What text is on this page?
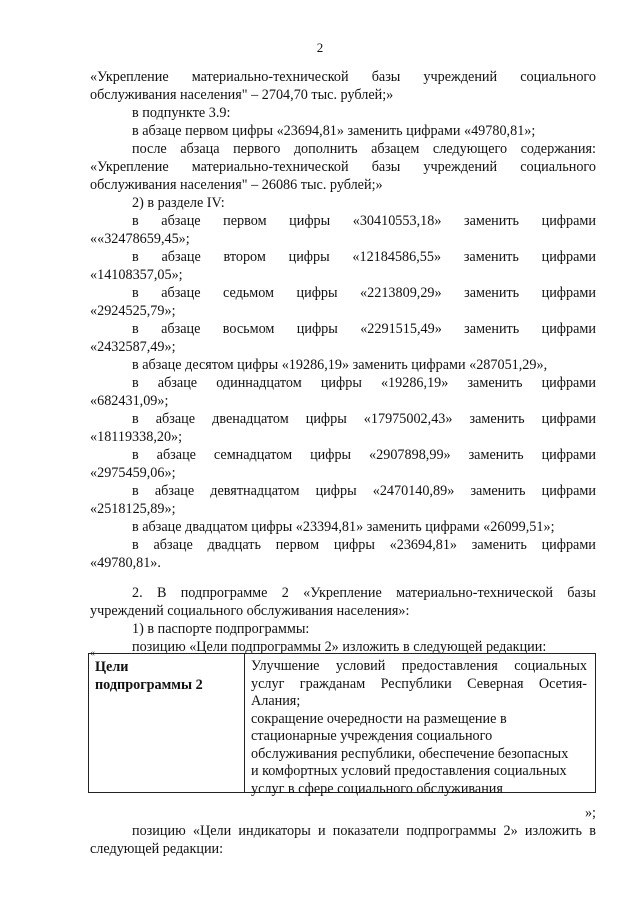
2
«Укрепление материально-технической базы учреждений социального
обслуживания населения" – 2704,70 тыс. рублей;»
в подпункте 3.9:
в абзаце первом цифры «23694,81» заменить цифрами «49780,81»;
после абзаца первого дополнить абзацем следующего содержания:
«Укрепление материально-технической базы учреждений социального
обслуживания населения" – 26086 тыс. рублей;»
2) в разделе IV:
в абзаце первом цифры «30410553,18» заменить цифрами
««32478659,45»;
в абзаце втором цифры «12184586,55» заменить цифрами
«14108357,05»;
в абзаце седьмом цифры «2213809,29» заменить цифрами
«2924525,79»;
в абзаце восьмом цифры «2291515,49» заменить цифрами
«2432587,49»;
в абзаце десятом цифры «19286,19» заменить цифрами «287051,29»,
в абзаце одиннадцатом цифры «19286,19» заменить цифрами
«682431,09»;
в абзаце двенадцатом цифры «17975002,43» заменить цифрами
«18119338,20»;
в абзаце семнадцатом цифры «2907898,99» заменить цифрами
«2975459,06»;
в абзаце девятнадцатом цифры «2470140,89» заменить цифрами
«2518125,89»;
в абзаце двадцатом цифры «23394,81» заменить цифрами «26099,51»;
в абзаце двадцать первом цифры «23694,81» заменить цифрами
«49780,81».
2. В подпрограмме 2 «Укрепление материально-технической базы
учреждений социального обслуживания населения»:
1) в паспорте подпрограммы:
позицию «Цели подпрограммы 2» изложить в следующей редакции:
«
»;
позицию «Цели индикаторы и показатели подпрограммы 2» изложить в
следующей редакции:
Цели
подпрограммы 2
Улучшение условий предоставления социальных
услуг гражданам Республики Северная Осетия-
Алания;
сокращение очередности на размещение в
стационарные учреждения социального
обслуживания республики, обеспечение безопасных
и комфортных условий предоставления социальных
услуг в сфере социального обслуживания
